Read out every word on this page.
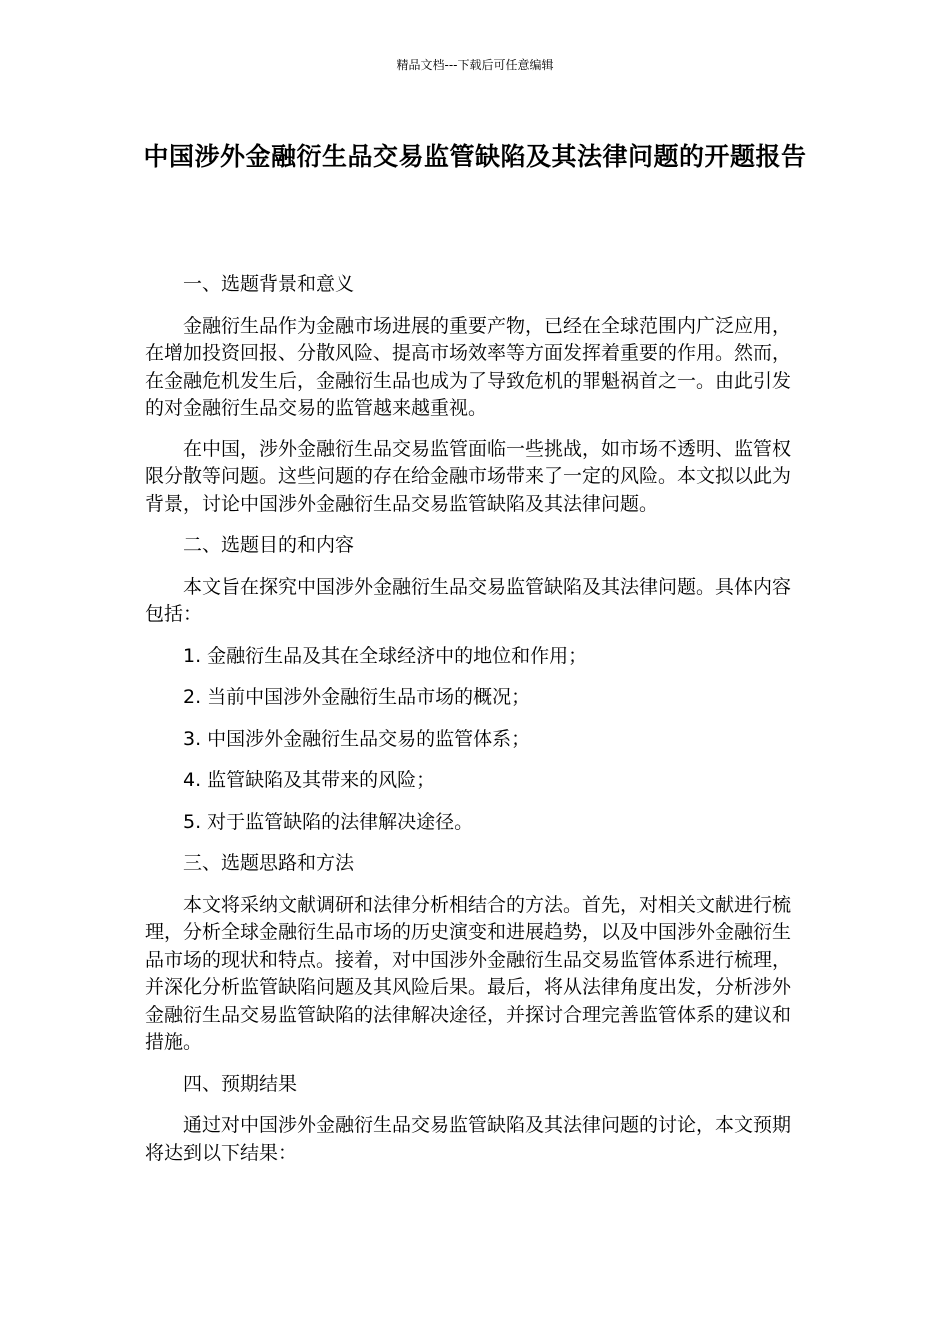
精品文档---下载后可任意编辑
中国涉外金融衍生品交易监管缺陷及其法律问题的开题报告

一、选题背景和意义

金融衍生品作为金融市场进展的重要产物，已经在全球范围内广泛应用，在增加投资回报、分散风险、提高市场效率等方面发挥着重要的作用。然而，在金融危机发生后，金融衍生品也成为了导致危机的罪魁祸首之一。由此引发的对金融衍生品交易的监管越来越重视。

在中国，涉外金融衍生品交易监管面临一些挑战，如市场不透明、监管权限分散等问题。这些问题的存在给金融市场带来了一定的风险。本文拟以此为背景，讨论中国涉外金融衍生品交易监管缺陷及其法律问题。

二、选题目的和内容

本文旨在探究中国涉外金融衍生品交易监管缺陷及其法律问题。具体内容包括：

1. 金融衍生品及其在全球经济中的地位和作用；

2. 当前中国涉外金融衍生品市场的概况；

3. 中国涉外金融衍生品交易的监管体系；

4. 监管缺陷及其带来的风险；

5. 对于监管缺陷的法律解决途径。

三、选题思路和方法

本文将采纳文献调研和法律分析相结合的方法。首先，对相关文献进行梳理，分析全球金融衍生品市场的历史演变和进展趋势，以及中国涉外金融衍生品市场的现状和特点。接着，对中国涉外金融衍生品交易监管体系进行梳理，并深化分析监管缺陷问题及其风险后果。最后，将从法律角度出发，分析涉外金融衍生品交易监管缺陷的法律解决途径，并探讨合理完善监管体系的建议和措施。

四、预期结果

通过对中国涉外金融衍生品交易监管缺陷及其法律问题的讨论，本文预期将达到以下结果：
